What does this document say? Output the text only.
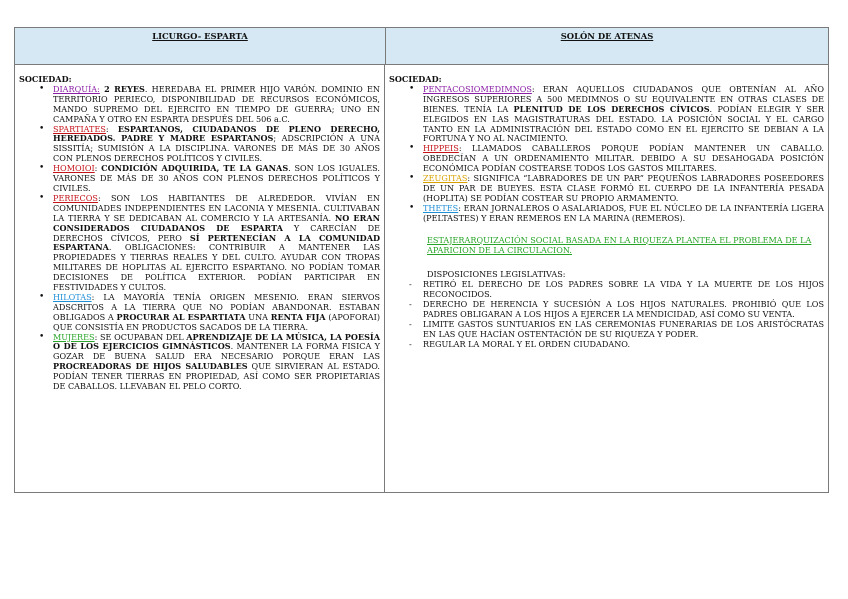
LICURGO- ESPARTA	SOLÓN DE ATENAS
SOCIEDAD:
• DIARQUÍA: 2 REYES. HEREDABA EL PRIMER HIJO VARÓN. DOMINIO EN TERRITORIO PERIECO, DISPONIBILIDAD DE RECURSOS ECONÓMICOS, MANDO SUPREMO DEL EJERCITO EN TIEMPO DE GUERRA; UNO EN CAMPAÑA Y OTRO EN ESPARTA DESPUÉS DEL 506 a.C.
• SPARTIATES: ESPARTANOS, CIUDADANOS DE PLENO DERECHO, HEREDADOS. PADRE Y MADRE ESPARTANOS; ADSCRIPCIÓN A UNA SISSITÍA; SUMISIÓN A LA DISCIPLINA. VARONES DE MÁS DE 30 AÑOS CON PLENOS DERECHOS POLÍTICOS Y CIVILES.
• HOMOIOI: CONDICIÓN ADQUIRIDA, TE LA GANAS. SON LOS IGUALES. VARONES DE MÁS DE 30 AÑOS CON PLENOS DERECHOS POLÍTICOS Y CIVILES.
• PERIECOS: SON LOS HABITANTES DE ALREDEDOR. VIVÍAN EN COMUNIDADES INDEPENDIENTES EN LACONIA Y MESENIA. CULTIVABAN LA TIERRA Y SE DEDICABAN AL COMERCIO Y LA ARTESANÍA. NO ERAN CONSIDERADOS CIUDADANOS DE ESPARTA Y CARECÍAN DE DERECHOS CÍVICOS, PERO SÍ PERTENECÍAN A LA COMUNIDAD ESPARTANA. OBLIGACIONES: CONTRIBUIR A MANTENER LAS PROPIEDADES Y TIERRAS REALES Y DEL CULTO. AYUDAR CON TROPAS MILITARES DE HOPLITAS AL EJERCITO ESPARTANO. NO PODÍAN TOMAR DECISIONES DE POLÍTICA EXTERIOR. PODÍAN PARTICIPAR EN FESTIVIDADES Y CULTOS.
• HILOTAS: LA MAYORÍA TENÍA ORIGEN MESENIO. ERAN SIERVOS ADSCRITOS A LA TIERRA QUE NO PODÍAN ABANDONAR. ESTABAN OBLIGADOS A PROCURAR AL ESPARTIATA UNA RENTA FIJA (APOFORAI) QUE CONSISTÍA EN PRODUCTOS SACADOS DE LA TIERRA.
• MUJERES: SE OCUPABAN DEL APRENDIZAJE DE LA MÚSICA, LA POESÍA O DE LOS EJERCICIOS GIMNÁSTICOS. MANTENER LA FORMA FISICA Y GOZAR DE BUENA SALUD ERA NECESARIO PORQUE ERAN LAS PROCREADORAS DE HIJOS SALUDABLES QUE SIRVIERAN AL ESTADO. PODÍAN TENER TIERRAS EN PROPIEDAD, ASÍ COMO SER PROPIETARIAS DE CABALLOS. LLEVABAN EL PELO CORTO.
SOCIEDAD:
• PENTACOSIOMEDIMNOS: ERAN AQUELLOS CIUDADANOS QUE OBTENÍAN AL AÑO INGRESOS SUPERIORES A 500 MEDIMNOS O SU EQUIVALENTE EN OTRAS CLASES DE BIENES. TENÍA LA PLENITUD DE LOS DERECHOS CÍVICOS. PODÍAN ELEGIR Y SER ELEGIDOS EN LAS MAGISTRATURAS DEL ESTADO. LA POSICIÓN SOCIAL Y EL CARGO TANTO EN LA ADMINISTRACIÓN DEL ESTADO COMO EN EL EJERCITO SE DEBIAN A LA FORTUNA Y NO AL NACIMIENTO.
• HIPPEIS: LLAMADOS CABALLEROS PORQUE PODÍAN MANTENER UN CABALLO. OBEDECÍAN A UN ORDENAMIENTO MILITAR. DEBIDO A SU DESAHOGADA POSICIÓN ECONÓMICA PODÍAN COSTEARSE TODOS LOS GASTOS MILITARES.
• ZEUGITAS: SIGNIFICA “LABRADORES DE UN PAR” PEQUEÑOS LABRADORES POSEEDORES DE UN PAR DE BUEYES. ESTA CLASE FORMÓ EL CUERPO DE LA INFANTERÍA PESADA (HOPLITA) SE PODÍAN COSTEAR SU PROPIO ARMAMENTO.
• THETES: ERAN JORNALEROS O ASALARIADOS, FUE EL NÚCLEO DE LA INFANTERÍA LIGERA (PELTASTES) Y ERAN REMEROS EN LA MARINA (REMEROS).
ESTAJERARQUIZACIÓN SOCIAL BASADA EN LA RIQUEZA PLANTEA EL PROBLEMA DE LA APARICION DE LA CIRCULACION.
DISPOSICIONES LEGISLATIVAS:
- RETIRÓ EL DERECHO DE LOS PADRES SOBRE LA VIDA Y LA MUERTE DE LOS HIJOS RECONOCIDOS.
- DERECHO DE HERENCIA Y SUCESIÓN A LOS HIJOS NATURALES. PROHIBIÓ QUE LOS PADRES OBLIGARAN A LOS HIJOS A EJERCER LA MENDICIDAD, ASÍ COMO SU VENTA.
- LIMITE GASTOS SUNTUARIOS EN LAS CEREMONIAS FUNERARIAS DE LOS ARISTÓCRATAS EN LAS QUE HACÍAN OSTENTACIÓN DE SU RIQUEZA Y PODER.
- REGULAR LA MORAL Y EL ORDEN CIUDADANO.
